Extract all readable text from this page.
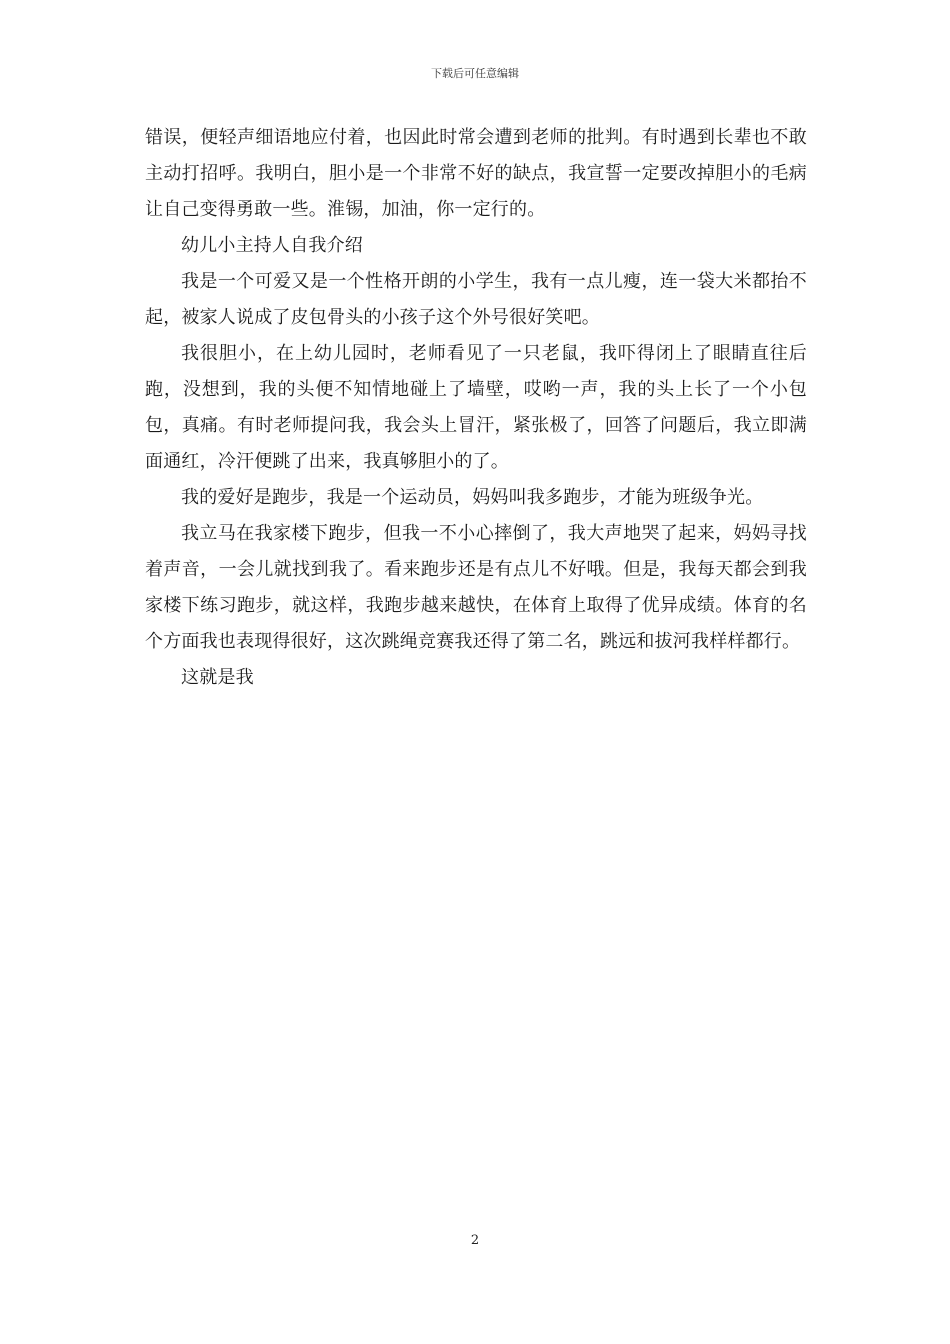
下载后可任意编辑

错误，便轻声细语地应付着，也因此时常会遭到老师的批判。有时遇到长辈也不敢主动打招呼。我明白，胆小是一个非常不好的缺点，我宣誓一定要改掉胆小的毛病让自己变得勇敢一些。淮锡，加油，你一定行的。

幼儿小主持人自我介绍

我是一个可爱又是一个性格开朗的小学生，我有一点儿瘦，连一袋大米都抬不起，被家人说成了皮包骨头的小孩子这个外号很好笑吧。

我很胆小，在上幼儿园时，老师看见了一只老鼠，我吓得闭上了眼睛直往后跑，没想到，我的头便不知情地碰上了墙壁，哎哟一声，我的头上长了一个小包包，真痛。有时老师提问我，我会头上冒汗，紧张极了，回答了问题后，我立即满面通红，冷汗便跳了出来，我真够胆小的了。

我的爱好是跑步，我是一个运动员，妈妈叫我多跑步，才能为班级争光。

我立马在我家楼下跑步，但我一不小心摔倒了，我大声地哭了起来，妈妈寻找着声音，一会儿就找到我了。看来跑步还是有点儿不好哦。但是，我每天都会到我家楼下练习跑步，就这样，我跑步越来越快，在体育上取得了优异成绩。体育的名个方面我也表现得很好，这次跳绳竞赛我还得了第二名，跳远和拔河我样样都行。

这就是我

2
